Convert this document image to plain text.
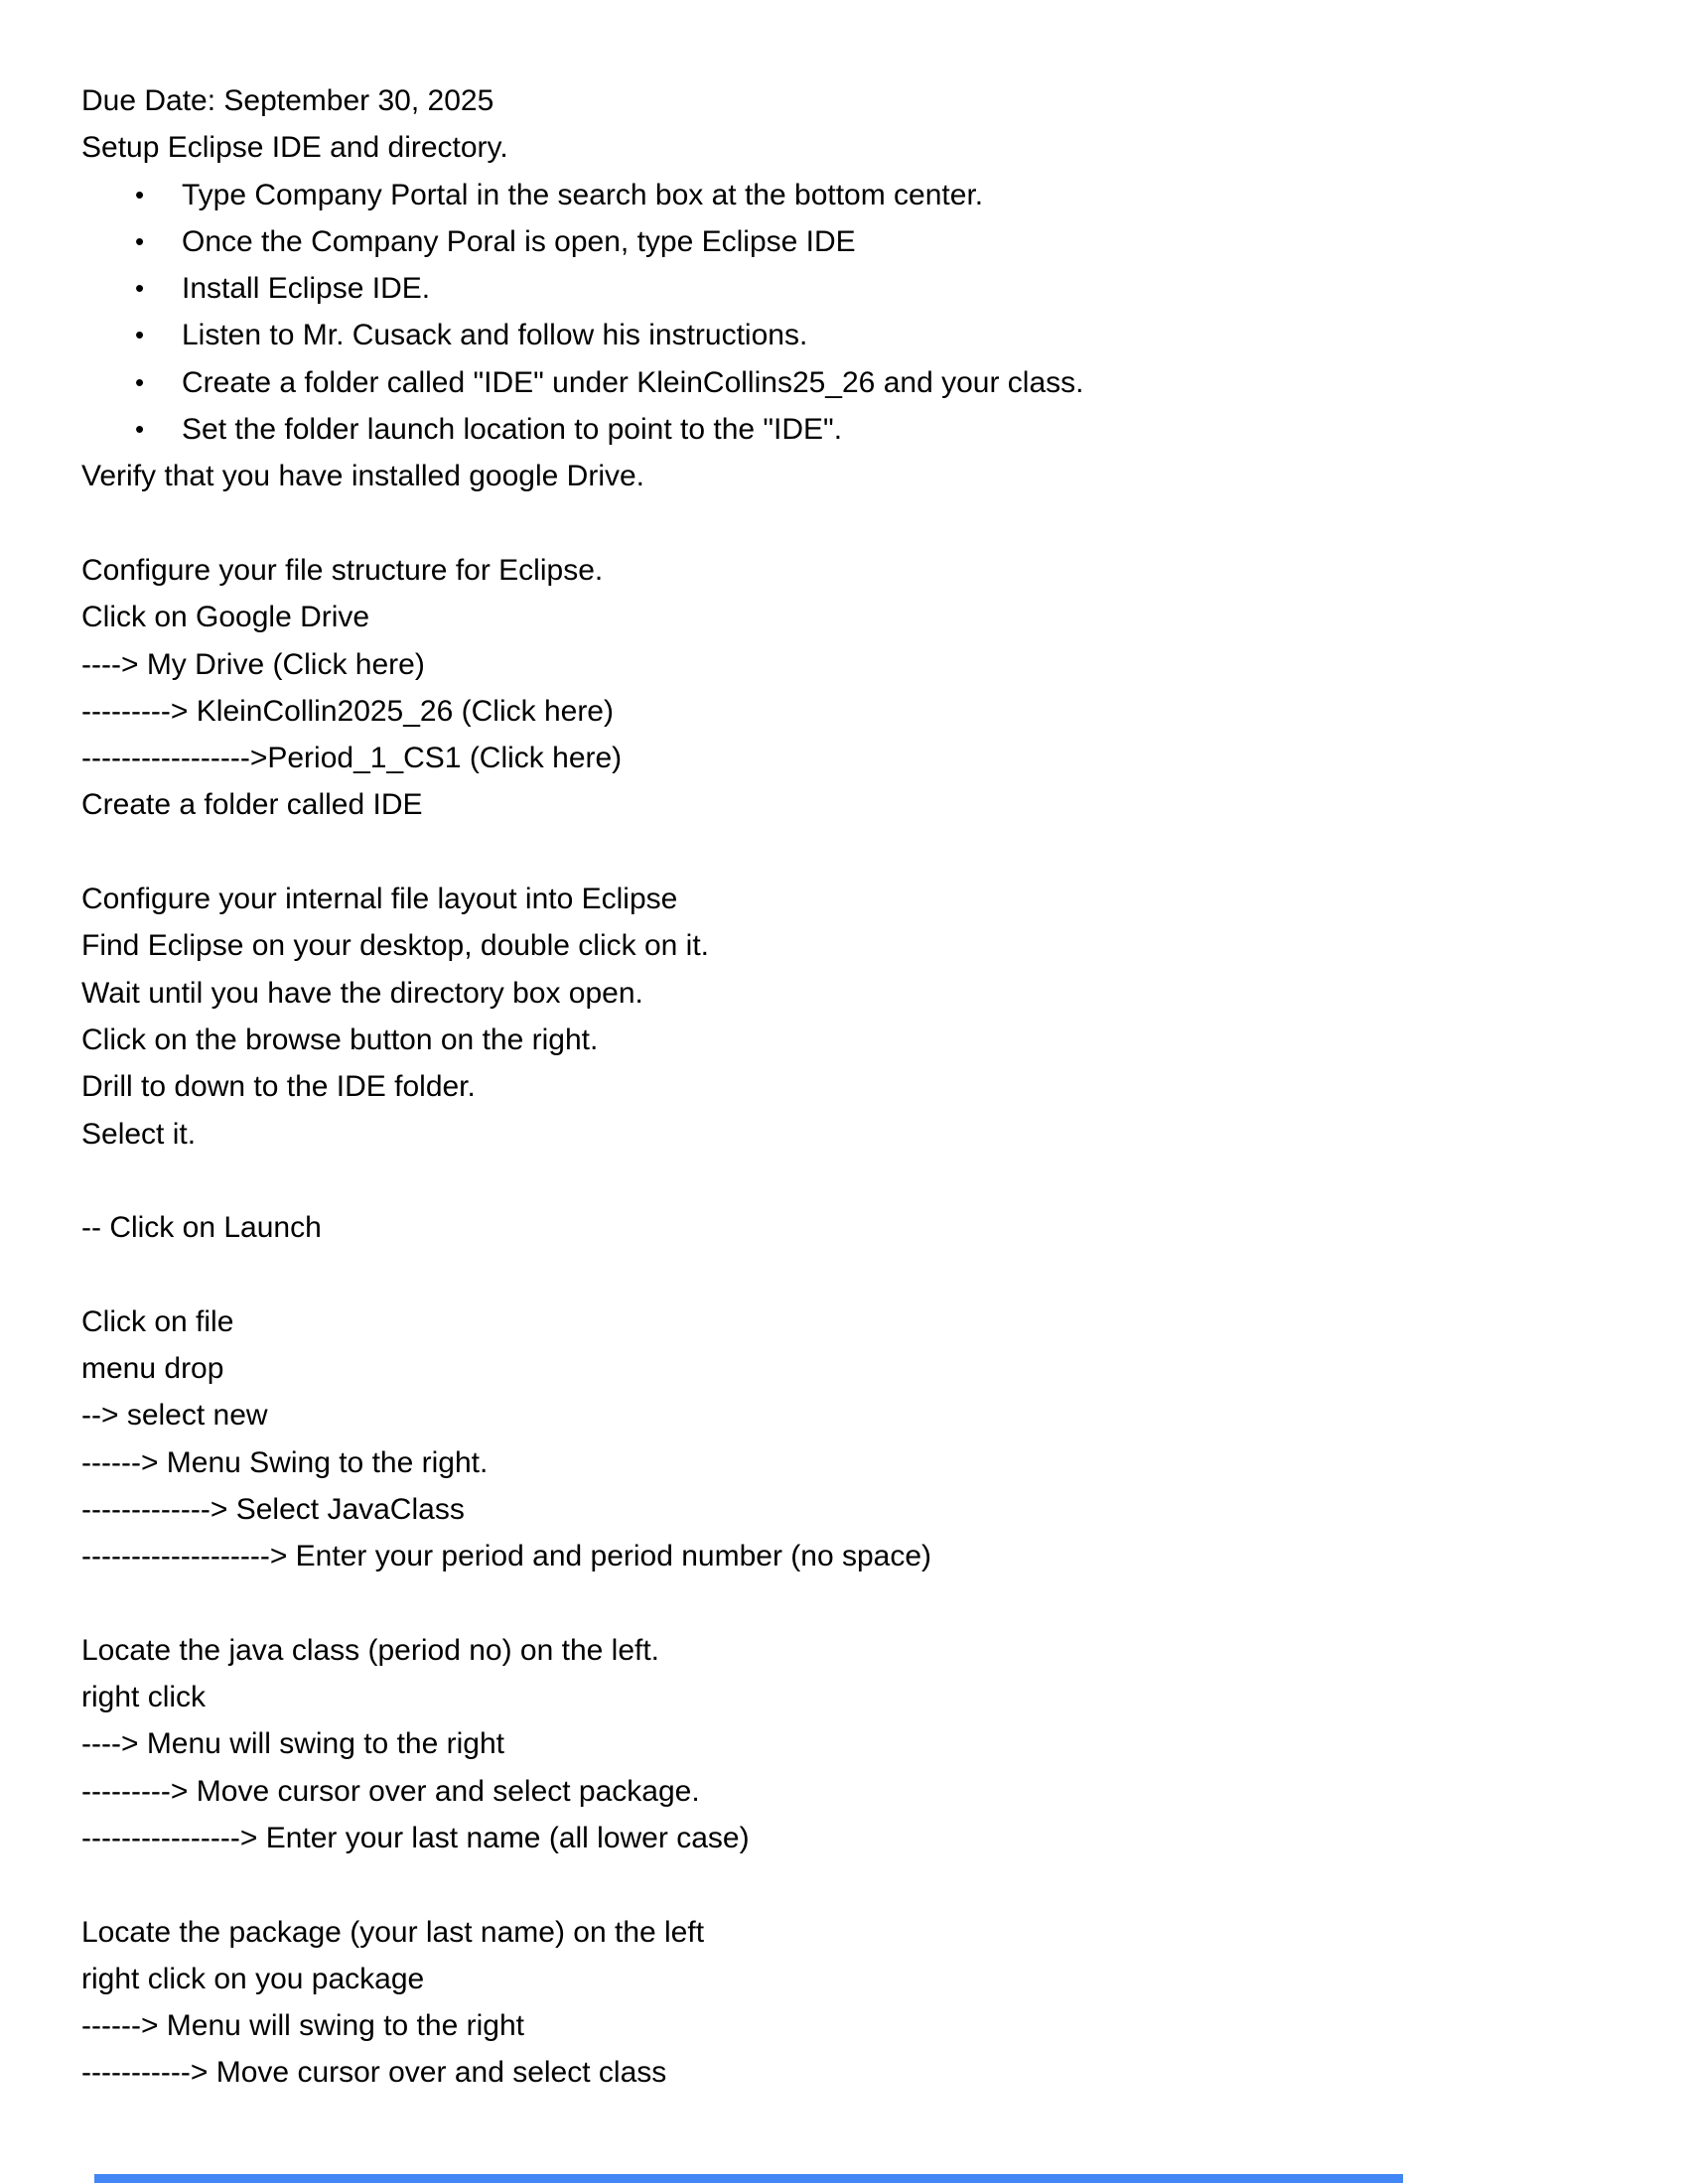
Due Date: September 30, 2025
Setup Eclipse IDE and directory.
• Type Company Portal in the search box at the bottom center.
• Once the Company Poral is open, type Eclipse IDE
• Install Eclipse IDE.
• Listen to Mr. Cusack and follow his instructions.
• Create a folder called "IDE" under KleinCollins25_26 and your class.
• Set the folder launch location to point to the "IDE".
Verify that you have installed google Drive.
Configure your file structure for Eclipse.
Click on Google Drive
----> My Drive (Click here)
---------> KleinCollin2025_26 (Click here)
----------------->Period_1_CS1 (Click here)
Create a folder called IDE
Configure your internal file layout into Eclipse
Find Eclipse on your desktop, double click on it.
Wait until you have the directory box open.
Click on the browse button on the right.
Drill to down to the IDE folder.
Select it.
-- Click on Launch
Click on file
menu drop
--> select new
------> Menu Swing to the right.
-------------> Select JavaClass
-------------------> Enter your period and period number (no space)
Locate the java class (period no) on the left.
right click
----> Menu will swing to the right
---------> Move cursor over and select package.
----------------> Enter your last name (all lower case)
Locate the package (your last name) on the left
right click on you package
------> Menu will swing to the right
-----------> Move cursor over and select class
